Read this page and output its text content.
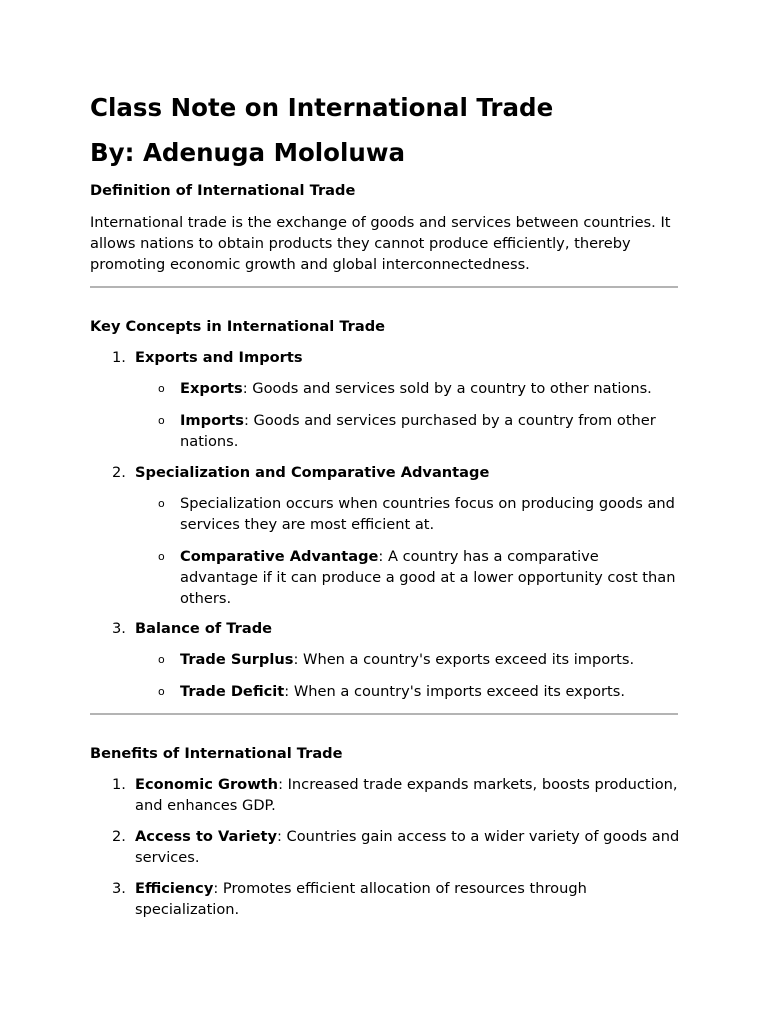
Class Note on International Trade
By: Adenuga Mololuwa
Definition of International Trade

International trade is the exchange of goods and services between countries. It allows nations to obtain products they cannot produce efficiently, thereby promoting economic growth and global interconnectedness.

Key Concepts in International Trade
1. Exports and Imports
o Exports: Goods and services sold by a country to other nations.
o Imports: Goods and services purchased by a country from other nations.
2. Specialization and Comparative Advantage
o Specialization occurs when countries focus on producing goods and services they are most efficient at.
o Comparative Advantage: A country has a comparative advantage if it can produce a good at a lower opportunity cost than others.
3. Balance of Trade
o Trade Surplus: When a country's exports exceed its imports.
o Trade Deficit: When a country's imports exceed its exports.
Benefits of International Trade
1. Economic Growth: Increased trade expands markets, boosts production, and enhances GDP.
2. Access to Variety: Countries gain access to a wider variety of goods and services.
3. Efficiency: Promotes efficient allocation of resources through specialization.
